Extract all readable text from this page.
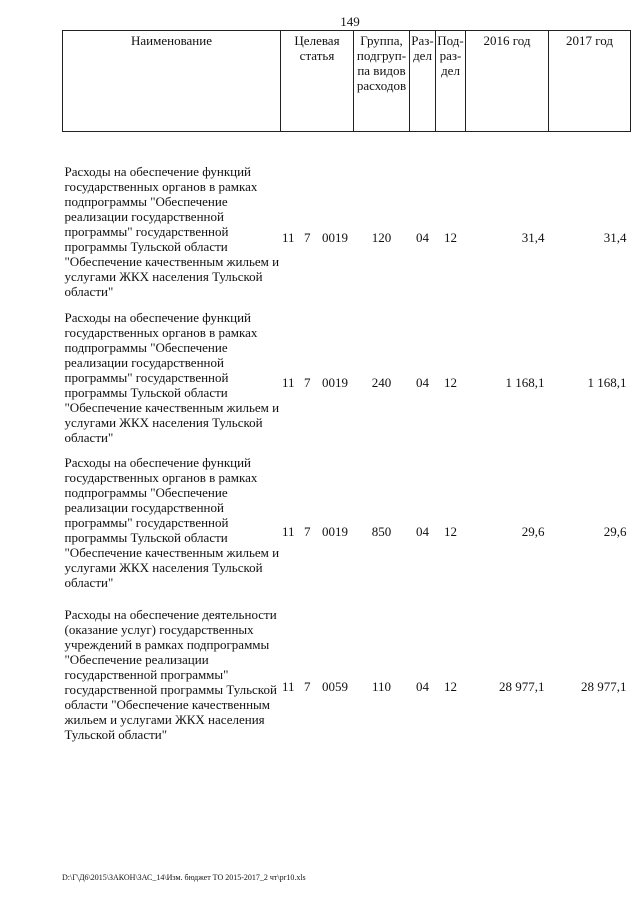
149
Наименование	Целевая статья	Группа, подгруп-па видов расходов	Раз-дел	Под-раз-дел	2016 год	2017 год

Расходы на обеспечение функций государственных органов в рамках подпрограммы "Обеспечение реализации государственной программы" государственной программы Тульской области "Обеспечение качественным жильем и услугами ЖКХ населения Тульской области"	11 7 0019	120	04	12	31,4	31,4
Расходы на обеспечение функций государственных органов в рамках подпрограммы "Обеспечение реализации государственной программы" государственной программы Тульской области "Обеспечение качественным жильем и услугами ЖКХ населения Тульской области"	11 7 0019	240	04	12	1 168,1	1 168,1
Расходы на обеспечение функций государственных органов в рамках подпрограммы "Обеспечение реализации государственной программы" государственной программы Тульской области "Обеспечение качественным жильем и услугами ЖКХ населения Тульской области"	11 7 0019	850	04	12	29,6	29,6
Расходы на обеспечение деятельности (оказание услуг) государственных учреждений в рамках подпрограммы "Обеспечение реализации государственной программы" государственной программы Тульской области "Обеспечение качественным жильем и услугами ЖКХ населения Тульской области"	11 7 0059	110	04	12	28 977,1	28 977,1
D:\Г\Д6\2015\ЗАКОН\ЗАС_14\Изм. бюджет ТО 2015-2017_2 чт\pr10.xls
